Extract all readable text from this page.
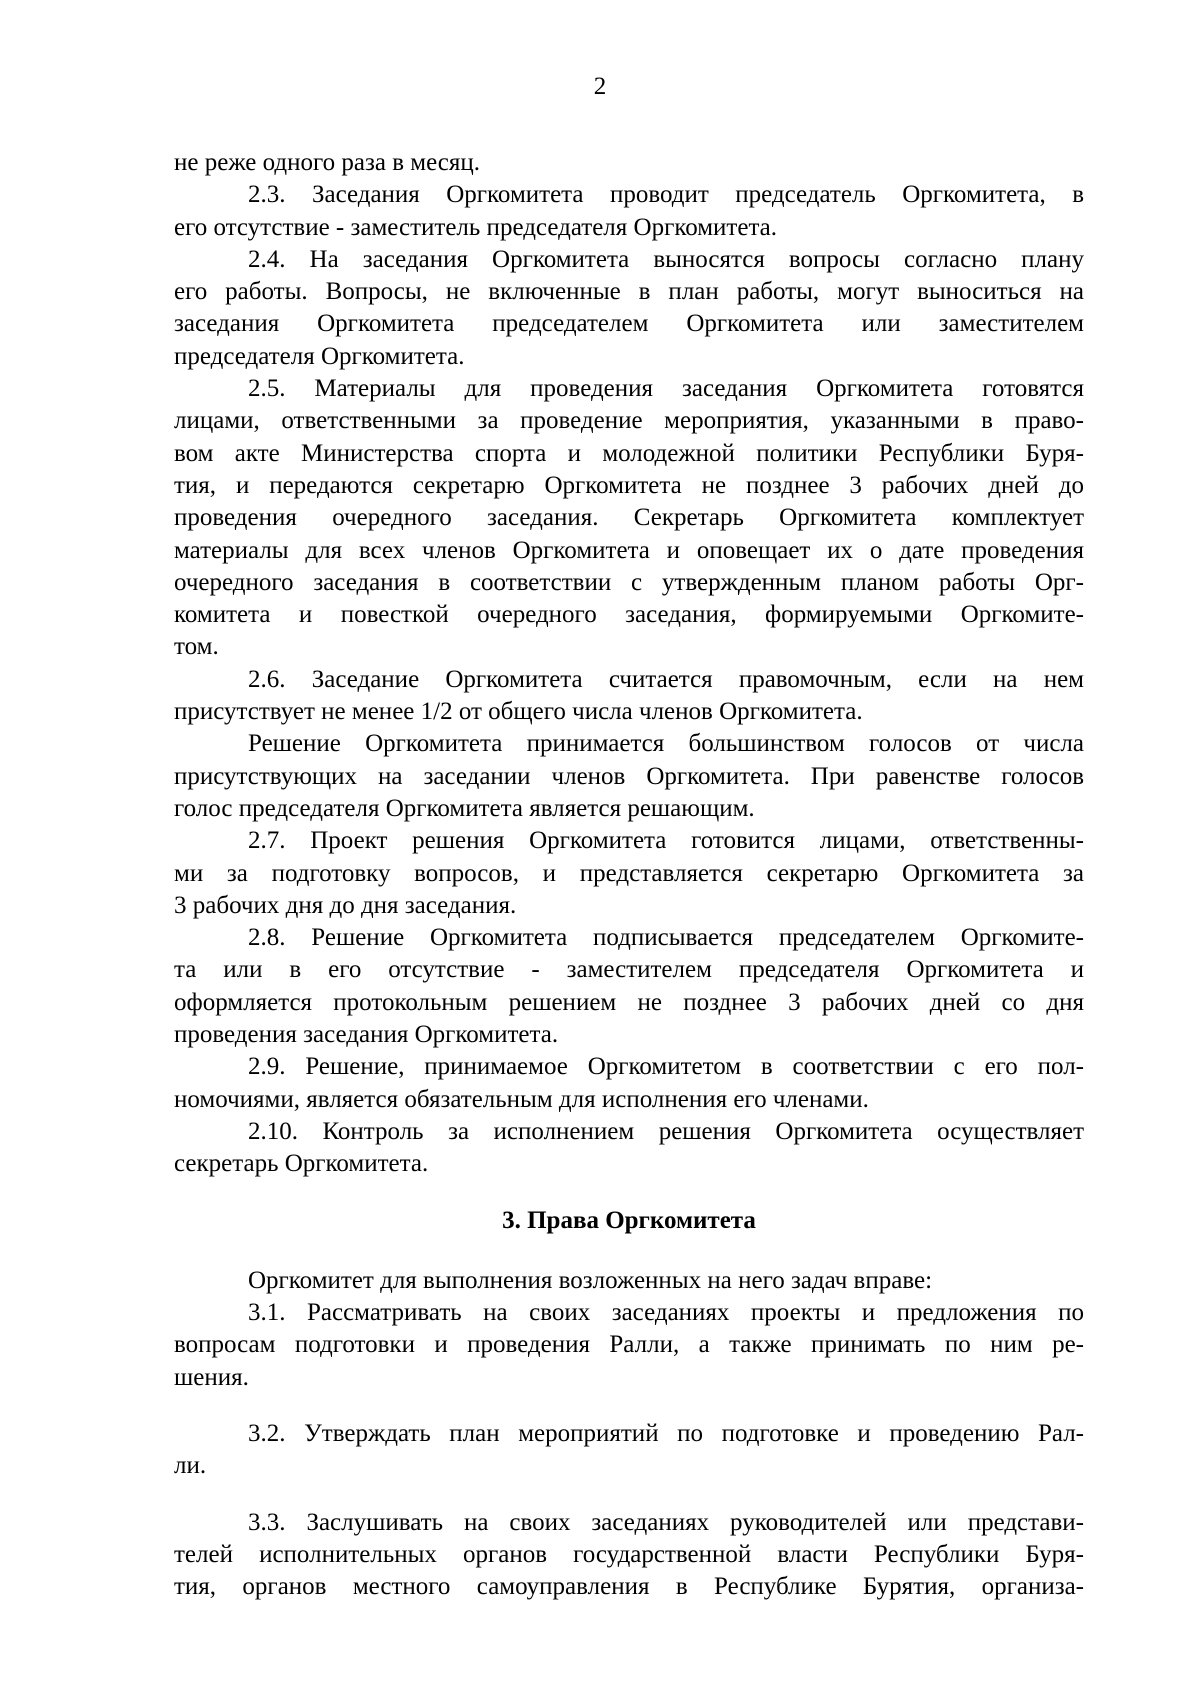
2
не реже одного раза в месяц.
2.3. Заседания Оргкомитета проводит председатель Оргкомитета, в
его отсутствие - заместитель председателя Оргкомитета.
2.4. На заседания Оргкомитета выносятся вопросы согласно плану
его работы. Вопросы, не включенные в план работы, могут выноситься на
заседания Оргкомитета председателем Оргкомитета или заместителем
председателя Оргкомитета.
2.5. Материалы для проведения заседания Оргкомитета готовятся
лицами, ответственными за проведение мероприятия, указанными в право-
вом акте Министерства спорта и молодежной политики Республики Буря-
тия, и передаются секретарю Оргкомитета не позднее 3 рабочих дней до
проведения очередного заседания. Секретарь Оргкомитета комплектует
материалы для всех членов Оргкомитета и оповещает их о дате проведения
очередного заседания в соответствии с утвержденным планом работы Орг-
комитета и повесткой очередного заседания, формируемыми Оргкомите-
том.
2.6. Заседание Оргкомитета считается правомочным, если на нем
присутствует не менее 1/2 от общего числа членов Оргкомитета.
Решение Оргкомитета принимается большинством голосов от числа
присутствующих на заседании членов Оргкомитета. При равенстве голосов
голос председателя Оргкомитета является решающим.
2.7. Проект решения Оргкомитета готовится лицами, ответственны-
ми за подготовку вопросов, и представляется секретарю Оргкомитета за
3 рабочих дня до дня заседания.
2.8. Решение Оргкомитета подписывается председателем Оргкомите-
та или в его отсутствие - заместителем председателя Оргкомитета и
оформляется протокольным решением не позднее 3 рабочих дней со дня
проведения заседания Оргкомитета.
2.9. Решение, принимаемое Оргкомитетом в соответствии с его пол-
номочиями, является обязательным для исполнения его членами.
2.10. Контроль за исполнением решения Оргкомитета осуществляет
секретарь Оргкомитета.
3. Права Оргкомитета
Оргкомитет для выполнения возложенных на него задач вправе:
3.1. Рассматривать на своих заседаниях проекты и предложения по
вопросам подготовки и проведения Ралли, а также принимать по ним ре-
шения.
3.2. Утверждать план мероприятий по подготовке и проведению Рал-
ли.
3.3. Заслушивать на своих заседаниях руководителей или представи-
телей исполнительных органов государственной власти Республики Буря-
тия, органов местного самоуправления в Республике Бурятия, организа-
